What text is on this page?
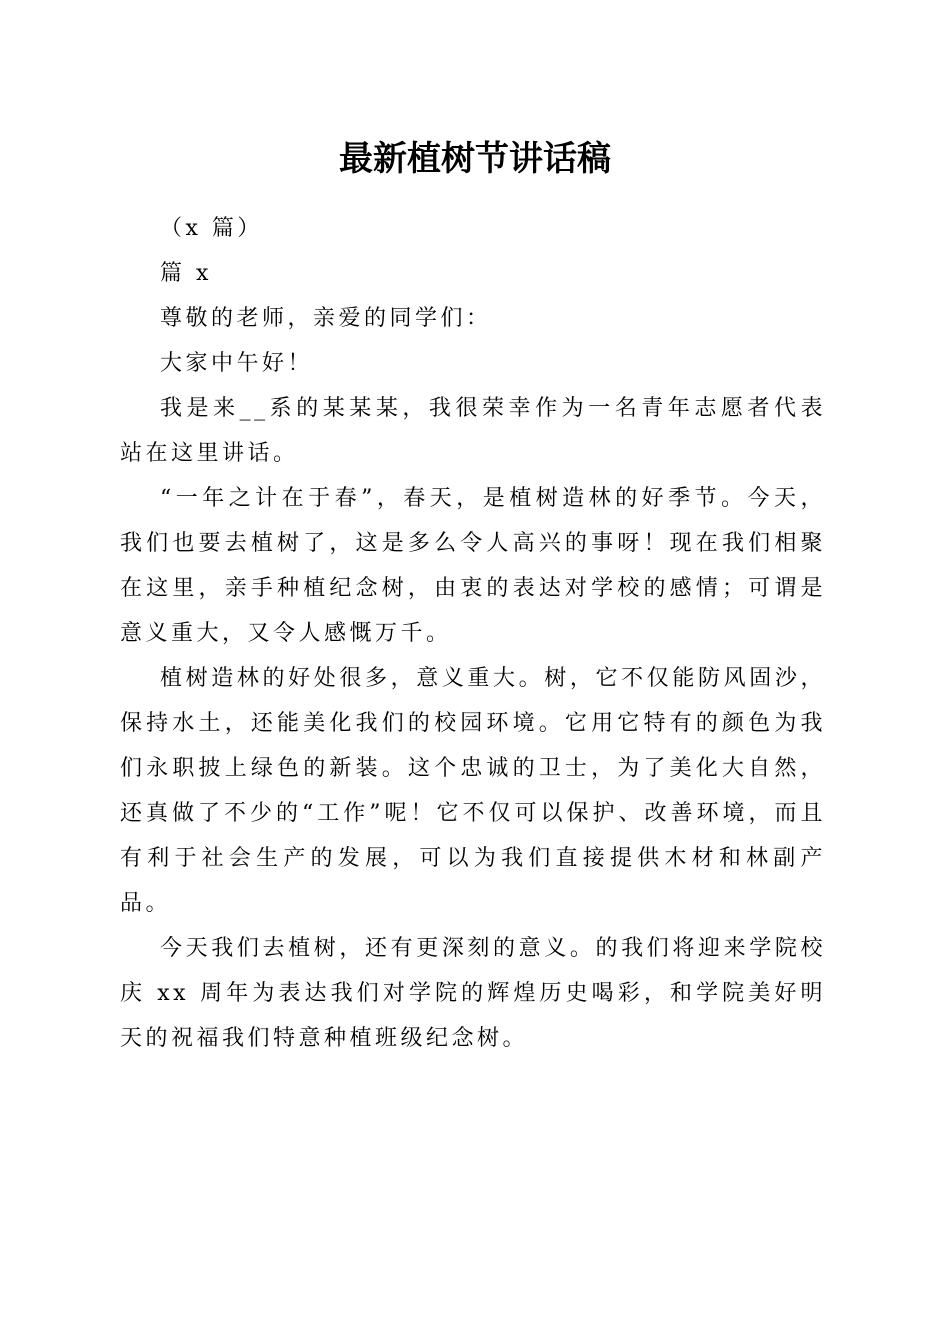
最新植树节讲话稿

（x 篇）

篇 x

尊敬的老师，亲爱的同学们：

大家中午好！

我是来__系的某某某，我很荣幸作为一名青年志愿者代表站在这里讲话。

“一年之计在于春”，春天，是植树造林的好季节。今天，我们也要去植树了，这是多么令人高兴的事呀！现在我们相聚在这里，亲手种植纪念树，由衷的表达对学校的感情；可谓是意义重大，又令人感慨万千。

植树造林的好处很多，意义重大。树，它不仅能防风固沙，保持水土，还能美化我们的校园环境。它用它特有的颜色为我们永职披上绿色的新装。这个忠诚的卫士，为了美化大自然，还真做了不少的“工作”呢！它不仅可以保护、改善环境，而且有利于社会生产的发展，可以为我们直接提供木材和林副产品。

今天我们去植树，还有更深刻的意义。的我们将迎来学院校庆 xx 周年为表达我们对学院的辉煌历史喝彩，和学院美好明天的祝福我们特意种植班级纪念树。
